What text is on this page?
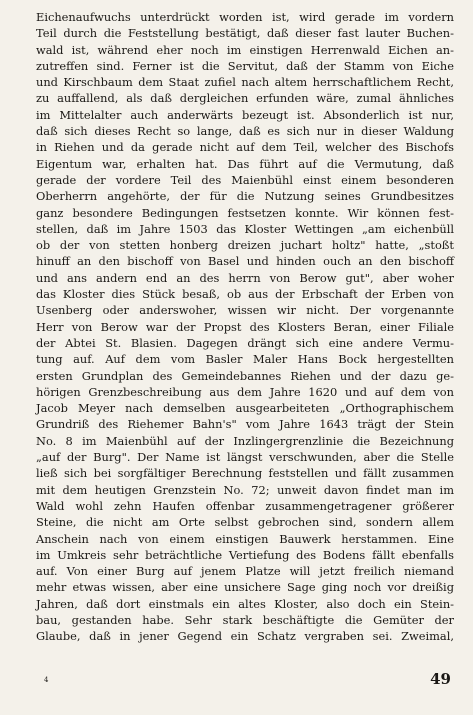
Eichenaufwuchs unterdrückt worden ist, wird gerade im vordern
Teil durch die Feststellung bestätigt, daß dieser fast lauter Buchen-
wald ist, während eher noch im einstigen Herrenwald Eichen an-
zutreffen sind. Ferner ist die Servitut, daß der Stamm von Eiche
und Kirschbaum dem Staat zufiel nach altem herrschaftlichem Recht,
zu auffallend, als daß dergleichen erfunden wäre, zumal ähnliches
im Mittelalter auch anderwärts bezeugt ist. Absonderlich ist nur,
daß sich dieses Recht so lange, daß es sich nur in dieser Waldung
in Riehen und da gerade nicht auf dem Teil, welcher des Bischofs
Eigentum war, erhalten hat. Das führt auf die Vermutung, daß
gerade der vordere Teil des Maienbühl einst einem besonderen
Oberherrn angehörte, der für die Nutzung seines Grundbesitzes
ganz besondere Bedingungen festsetzen konnte. Wir können fest-
stellen, daß im Jahre 1503 das Kloster Wettingen „am eichenbüll
ob der von stetten honberg dreizen juchart holtz" hatte, „stoßt
hinuff an den bischoff von Basel und hinden ouch an den bischoff
und ans andern end an des herrn von Berow gut", aber woher
das Kloster dies Stück besaß, ob aus der Erbschaft der Erben von
Usenberg oder anderswoher, wissen wir nicht. Der vorgenannte
Herr von Berow war der Propst des Klosters Beran, einer Filiale
der Abtei St. Blasien. Dagegen drängt sich eine andere Vermu-
tung auf. Auf dem vom Basler Maler Hans Bock hergestellten
ersten Grundplan des Gemeindebannes Riehen und der dazu ge-
hörigen Grenzbeschreibung aus dem Jahre 1620 und auf dem von
Jacob Meyer nach demselben ausgearbeiteten „Orthographischem
Grundriß des Riehemer Bahn's" vom Jahre 1643 trägt der Stein
No. 8 im Maienbühl auf der Inzlingergrenzlinie die Bezeichnung
„auf der Burg". Der Name ist längst verschwunden, aber die Stelle
ließ sich bei sorgfältiger Berechnung feststellen und fällt zusammen
mit dem heutigen Grenzstein No. 72; unweit davon findet man im
Wald wohl zehn Haufen offenbar zusammengetragener größerer
Steine, die nicht am Orte selbst gebrochen sind, sondern allem
Anschein nach von einem einstigen Bauwerk herstammen. Eine
im Umkreis sehr beträchtliche Vertiefung des Bodens fällt ebenfalls
auf. Von einer Burg auf jenem Platze will jetzt freilich niemand
mehr etwas wissen, aber eine unsichere Sage ging noch vor dreißig
Jahren, daß dort einstmals ein altes Kloster, also doch ein Stein-
bau, gestanden habe. Sehr stark beschäftigte die Gemüter der
Glaube, daß in jener Gegend ein Schatz vergraben sei. Zweimal,
4	49
